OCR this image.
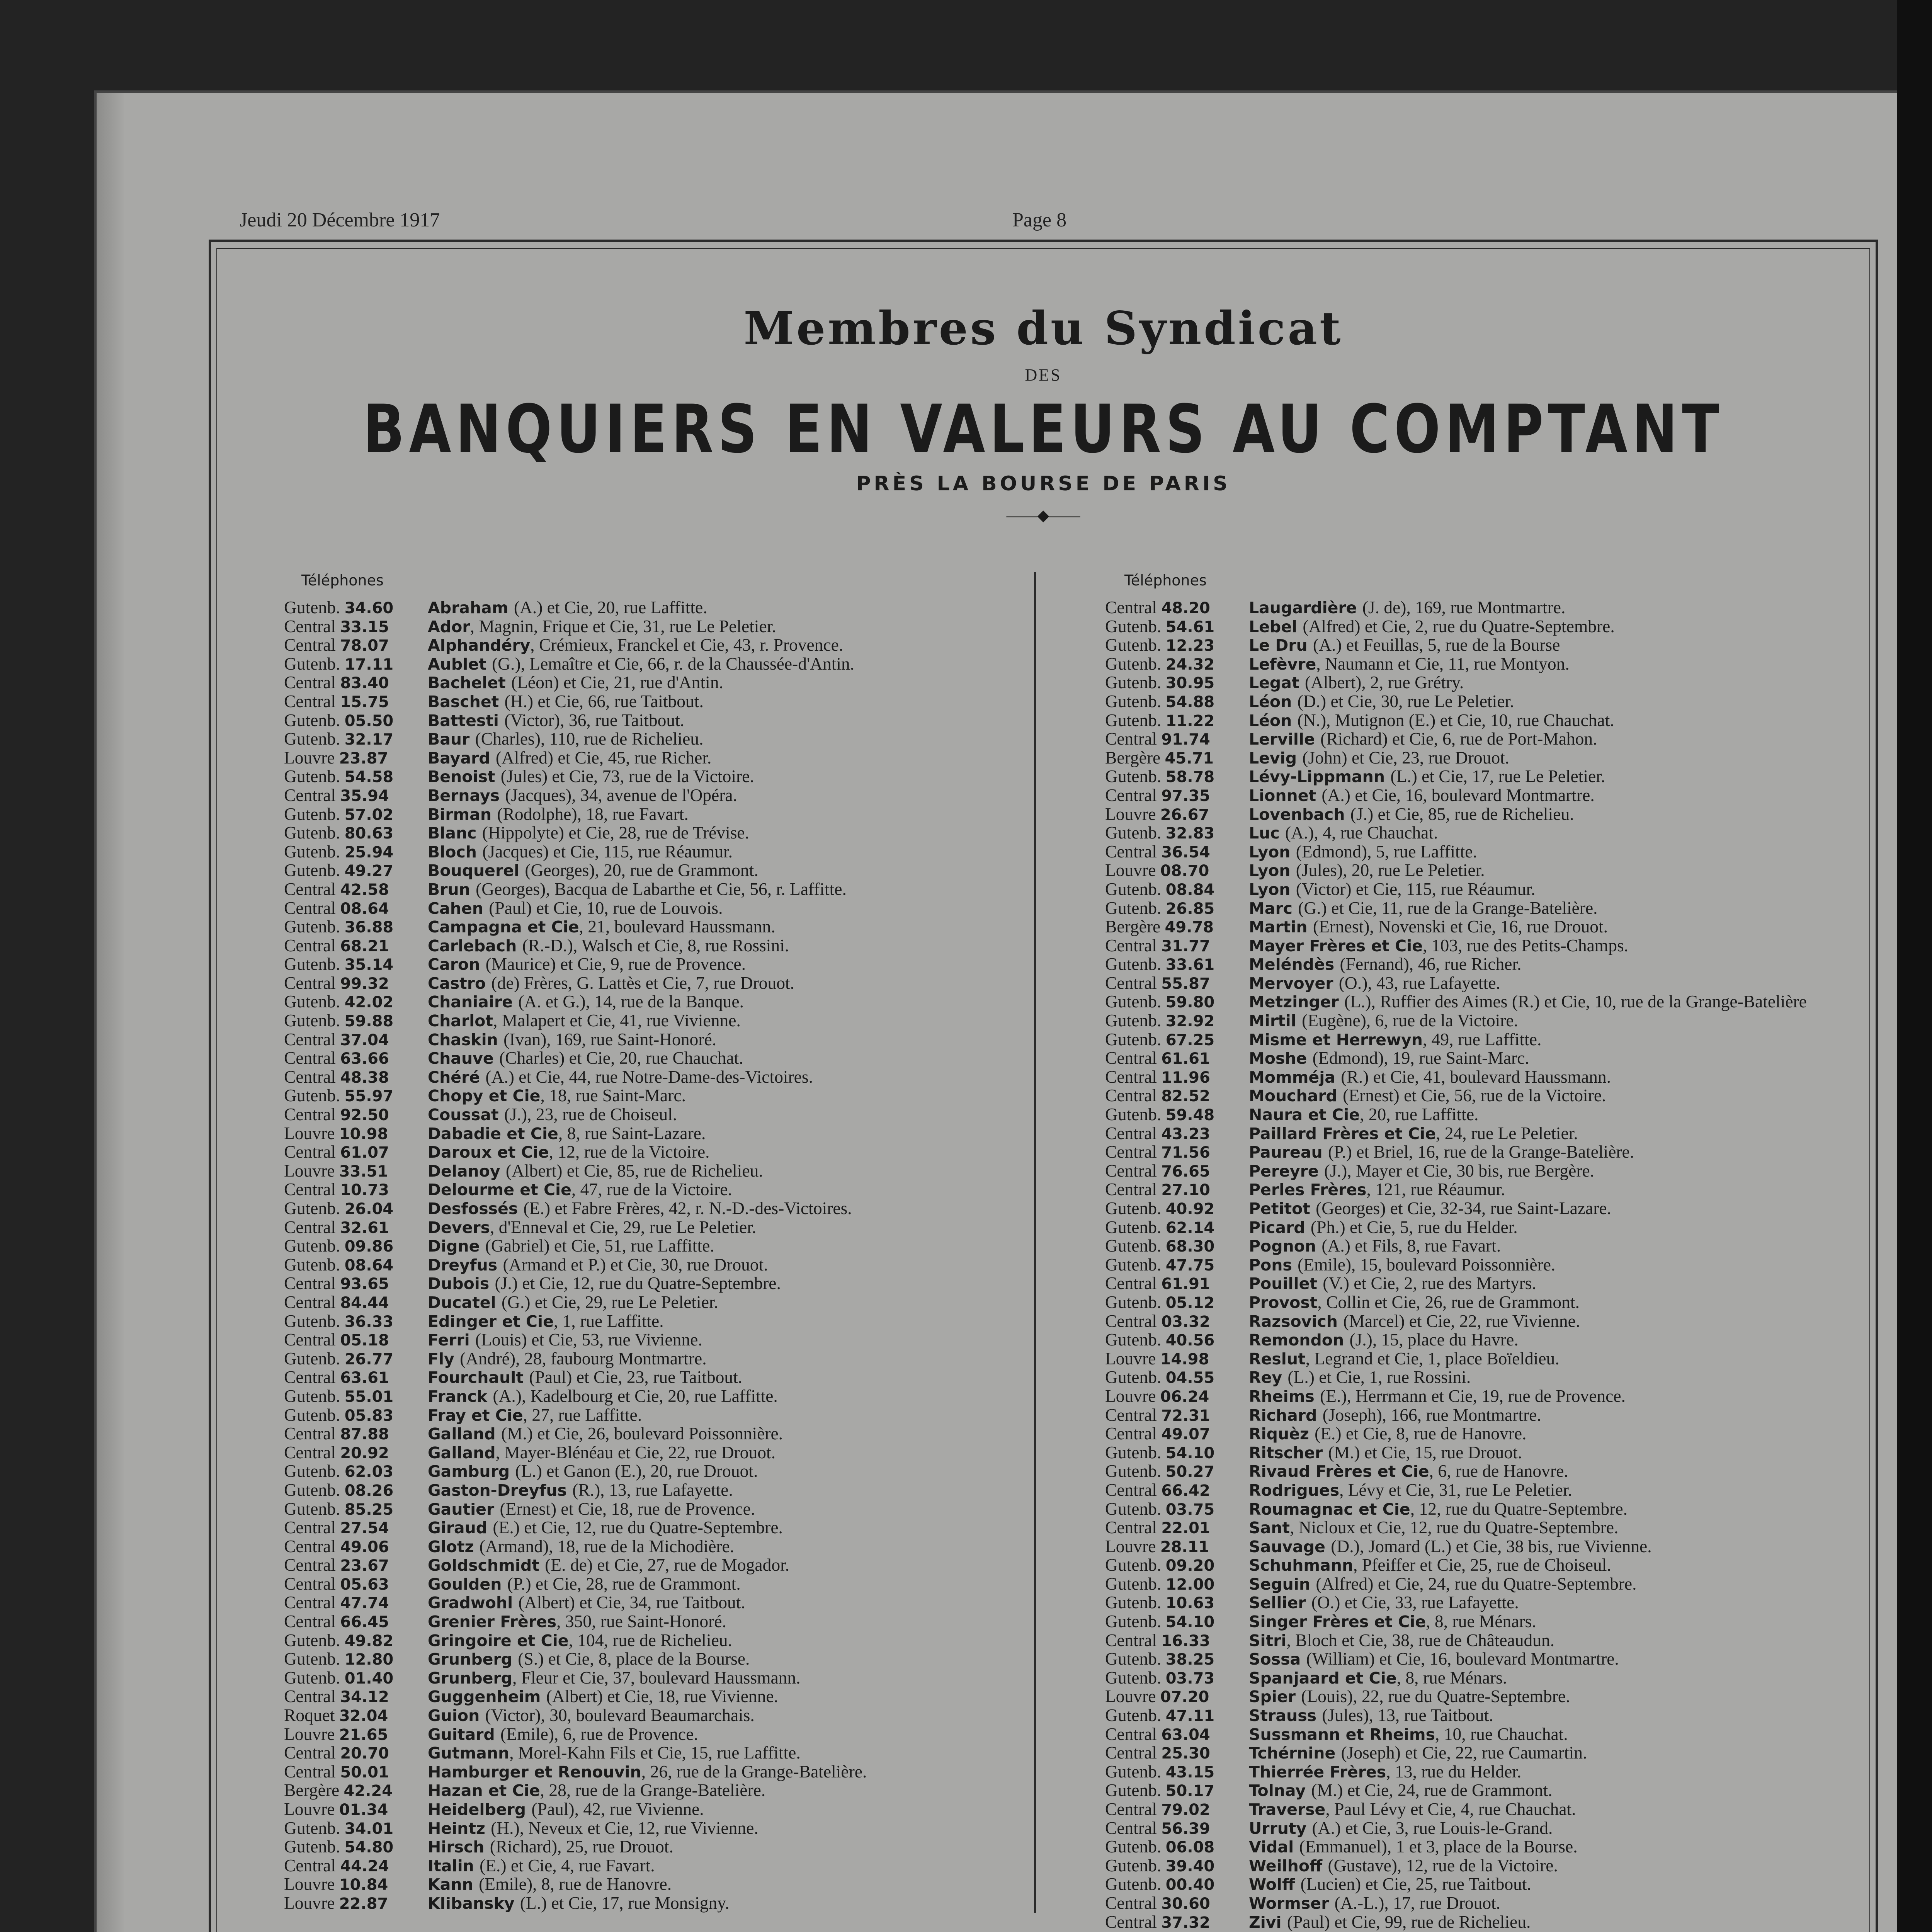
Jeudi 20 Décembre 1917	Page 8
Membres du Syndicat
DES
BANQUIERS EN VALEURS AU COMPTANT
PRÈS LA BOURSE DE PARIS
——◆——
Téléphones	Téléphones
Gutenb. 34.60 Abraham (A.) et Cie, 20, rue Laffitte.
Central 33.15 Ador, Magnin, Frique et Cie, 31, rue Le Peletier.
Central 78.07 Alphandéry, Crémieux, Franckel et Cie, 43, r. Provence.
Gutenb. 17.11 Aublet (G.), Lemaître et Cie, 66, r. de la Chaussée-d'Antin.
Central 83.40 Bachelet (Léon) et Cie, 21, rue d'Antin.
Central 15.75 Baschet (H.) et Cie, 66, rue Taitbout.
Gutenb. 05.50 Battesti (Victor), 36, rue Taitbout.
Gutenb. 32.17 Baur (Charles), 110, rue de Richelieu.
Louvre 23.87	Bayard (Alfred) et Cie, 45, rue Richer.
Gutenb. 54.58 Benoist (Jules) et Cie, 73, rue de la Victoire.
Central 35.94 Bernays (Jacques), 34, avenue de l'Opéra.
Gutenb. 57.02 Birman (Rodolphe), 18, rue Favart.
Gutenb. 80.63 Blanc (Hippolyte) et Cie, 28, rue de Trévise.
Gutenb. 25.94 Bloch (Jacques) et Cie, 115, rue Réaumur.
Gutenb. 49.27 Bouquerel (Georges), 20, rue de Grammont.
Central 42.58 Brun (Georges), Bacqua de Labarthe et Cie, 56, r. Laffitte.
Central 08.64 Cahen (Paul) et Cie, 10, rue de Louvois.
Gutenb. 36.88 Campagna et Cie, 21, boulevard Haussmann.
Central 68.21 Carlebach (R.-D.), Walsch et Cie, 8, rue Rossini.
Gutenb. 35.14 Caron (Maurice) et Cie, 9, rue de Provence.
Central 99.32 Castro (de) Frères, G. Lattès et Cie, 7, rue Drouot.
Gutenb. 42.02 Chaniaire (A. et G.), 14, rue de la Banque.
Gutenb. 59.88 Charlot, Malapert et Cie, 41, rue Vivienne.
Central 37.04 Chaskin (Ivan), 169, rue Saint-Honoré.
Central 63.66 Chauve (Charles) et Cie, 20, rue Chauchat.
Central 48.38 Chéré (A.) et Cie, 44, rue Notre-Dame-des-Victoires.
Gutenb. 55.97 Chopy et Cie, 18, rue Saint-Marc.
Central 92.50 Coussat (J.), 23, rue de Choiseul.
Louvre 10.98	Dabadie et Cie, 8, rue Saint-Lazare.
Central 61.07 Daroux et Cie, 12, rue de la Victoire.
Louvre 33.51	Delanoy (Albert) et Cie, 85, rue de Richelieu.
Central 10.73 Delourme et Cie, 47, rue de la Victoire.
Gutenb. 26.04 Desfossés (E.) et Fabre Frères, 42, r. N.-D.-des-Victoires.
Central 32.61 Devers, d'Enneval et Cie, 29, rue Le Peletier.
Gutenb. 09.86 Digne (Gabriel) et Cie, 51, rue Laffitte.
Gutenb. 08.64 Dreyfus (Armand et P.) et Cie, 30, rue Drouot.
Central 93.65 Dubois (J.) et Cie, 12, rue du Quatre-Septembre.
Central 84.44 Ducatel (G.) et Cie, 29, rue Le Peletier.
Gutenb. 36.33 Edinger et Cie, 1, rue Laffitte.
Central 05.18 Ferri (Louis) et Cie, 53, rue Vivienne.
Gutenb. 26.77 Fly (André), 28, faubourg Montmartre.
Central 63.61 Fourchault (Paul) et Cie, 23, rue Taitbout.
Gutenb. 55.01 Franck (A.), Kadelbourg et Cie, 20, rue Laffitte.
Gutenb. 05.83 Fray et Cie, 27, rue Laffitte.
Central 87.88 Galland (M.) et Cie, 26, boulevard Poissonnière.
Central 20.92 Galland, Mayer-Blénéau et Cie, 22, rue Drouot.
Gutenb. 62.03 Gamburg (L.) et Ganon (E.), 20, rue Drouot.
Gutenb. 08.26 Gaston-Dreyfus (R.), 13, rue Lafayette.
Gutenb. 85.25 Gautier (Ernest) et Cie, 18, rue de Provence.
Central 27.54 Giraud (E.) et Cie, 12, rue du Quatre-Septembre.
Central 49.06 Glotz (Armand), 18, rue de la Michodière.
Central 23.67 Goldschmidt (E. de) et Cie, 27, rue de Mogador.
Central 05.63 Goulden (P.) et Cie, 28, rue de Grammont.
Central 47.74 Gradwohl (Albert) et Cie, 34, rue Taitbout.
Central 66.45 Grenier Frères, 350, rue Saint-Honoré.
Gutenb. 49.82 Gringoire et Cie, 104, rue de Richelieu.
Gutenb. 12.80 Grunberg (S.) et Cie, 8, place de la Bourse.
Gutenb. 01.40 Grunberg, Fleur et Cie, 37, boulevard Haussmann.
Central 34.12 Guggenheim (Albert) et Cie, 18, rue Vivienne.
Roquet 32.04	Guion (Victor), 30, boulevard Beaumarchais.
Louvre 21.65	Guitard (Emile), 6, rue de Provence.
Central 20.70 Gutmann, Morel-Kahn Fils et Cie, 15, rue Laffitte.
Central 50.01 Hamburger et Renouvin, 26, rue de la Grange-Batelière.
Bergère 42.24 Hazan et Cie, 28, rue de la Grange-Batelière.
Louvre 01.34	Heidelberg (Paul), 42, rue Vivienne.
Gutenb. 34.01 Heintz (H.), Neveux et Cie, 12, rue Vivienne.
Gutenb. 54.80 Hirsch (Richard), 25, rue Drouot.
Central 44.24 Italin (E.) et Cie, 4, rue Favart.
Louvre 10.84	Kann (Emile), 8, rue de Hanovre.
Louvre 22.87	Klibansky (L.) et Cie, 17, rue Monsigny.
Central 48.20 Laugardière (J. de), 169, rue Montmartre.
Gutenb. 54.61 Lebel (Alfred) et Cie, 2, rue du Quatre-Septembre.
Gutenb. 12.23 Le Dru (A.) et Feuillas, 5, rue de la Bourse
Gutenb. 24.32 Lefèvre, Naumann et Cie, 11, rue Montyon.
Gutenb. 30.95 Legat (Albert), 2, rue Grétry.
Gutenb. 54.88 Léon (D.) et Cie, 30, rue Le Peletier.
Gutenb. 11.22 Léon (N.), Mutignon (E.) et Cie, 10, rue Chauchat.
Central 91.74 Lerville (Richard) et Cie, 6, rue de Port-Mahon.
Bergère 45.71 Levig (John) et Cie, 23, rue Drouot.
Gutenb. 58.78 Lévy-Lippmann (L.) et Cie, 17, rue Le Peletier.
Central 97.35 Lionnet (A.) et Cie, 16, boulevard Montmartre.
Louvre 26.67	Lovenbach (J.) et Cie, 85, rue de Richelieu.
Gutenb. 32.83 Luc (A.), 4, rue Chauchat.
Central 36.54 Lyon (Edmond), 5, rue Laffitte.
Louvre 08.70	Lyon (Jules), 20, rue Le Peletier.
Gutenb. 08.84 Lyon (Victor) et Cie, 115, rue Réaumur.
Gutenb. 26.85 Marc (G.) et Cie, 11, rue de la Grange-Batelière.
Bergère 49.78 Martin (Ernest), Novenski et Cie, 16, rue Drouot.
Central 31.77 Mayer Frères et Cie, 103, rue des Petits-Champs.
Gutenb. 33.61 Meléndès (Fernand), 46, rue Richer.
Central 55.87 Mervoyer (O.), 43, rue Lafayette.
Gutenb. 59.80 Metzinger (L.), Ruffier des Aimes (R.) et Cie, 10, rue de la Grange-Batelière
Gutenb. 32.92 Mirtil (Eugène), 6, rue de la Victoire.
Gutenb. 67.25 Misme et Herrewyn, 49, rue Laffitte.
Central 61.61 Moshe (Edmond), 19, rue Saint-Marc.
Central 11.96 Momméja (R.) et Cie, 41, boulevard Haussmann.
Central 82.52 Mouchard (Ernest) et Cie, 56, rue de la Victoire.
Gutenb. 59.48 Naura et Cie, 20, rue Laffitte.
Central 43.23 Paillard Frères et Cie, 24, rue Le Peletier.
Central 71.56 Paureau (P.) et Briel, 16, rue de la Grange-Batelière.
Central 76.65 Pereyre (J.), Mayer et Cie, 30 bis, rue Bergère.
Central 27.10 Perles Frères, 121, rue Réaumur.
Gutenb. 40.92 Petitot (Georges) et Cie, 32-34, rue Saint-Lazare.
Gutenb. 62.14 Picard (Ph.) et Cie, 5, rue du Helder.
Gutenb. 68.30 Pognon (A.) et Fils, 8, rue Favart.
Gutenb. 47.75 Pons (Emile), 15, boulevard Poissonnière.
Central 61.91 Pouillet (V.) et Cie, 2, rue des Martyrs.
Gutenb. 05.12 Provost, Collin et Cie, 26, rue de Grammont.
Central 03.32 Razsovich (Marcel) et Cie, 22, rue Vivienne.
Gutenb. 40.56 Remondon (J.), 15, place du Havre.
Louvre 14.98	Reslut, Legrand et Cie, 1, place Boïeldieu.
Gutenb. 04.55 Rey (L.) et Cie, 1, rue Rossini.
Louvre 06.24	Rheims (E.), Herrmann et Cie, 19, rue de Provence.
Central 72.31 Richard (Joseph), 166, rue Montmartre.
Central 49.07 Riquèz (E.) et Cie, 8, rue de Hanovre.
Gutenb. 54.10 Ritscher (M.) et Cie, 15, rue Drouot.
Gutenb. 50.27 Rivaud Frères et Cie, 6, rue de Hanovre.
Central 66.42 Rodrigues, Lévy et Cie, 31, rue Le Peletier.
Gutenb. 03.75 Roumagnac et Cie, 12, rue du Quatre-Septembre.
Central 22.01 Sant, Nicloux et Cie, 12, rue du Quatre-Septembre.
Louvre 28.11	Sauvage (D.), Jomard (L.) et Cie, 38 bis, rue Vivienne.
Gutenb. 09.20 Schuhmann, Pfeiffer et Cie, 25, rue de Choiseul.
Gutenb. 12.00 Seguin (Alfred) et Cie, 24, rue du Quatre-Septembre.
Gutenb. 10.63 Sellier (O.) et Cie, 33, rue Lafayette.
Gutenb. 54.10 Singer Frères et Cie, 8, rue Ménars.
Central 16.33 Sitri, Bloch et Cie, 38, rue de Châteaudun.
Gutenb. 38.25 Sossa (William) et Cie, 16, boulevard Montmartre.
Gutenb. 03.73 Spanjaard et Cie, 8, rue Ménars.
Louvre 07.20	Spier (Louis), 22, rue du Quatre-Septembre.
Gutenb. 47.11 Strauss (Jules), 13, rue Taitbout.
Central 63.04 Sussmann et Rheims, 10, rue Chauchat.
Central 25.30 Tchérnine (Joseph) et Cie, 22, rue Caumartin.
Gutenb. 43.15 Thierrée Frères, 13, rue du Helder.
Gutenb. 50.17 Tolnay (M.) et Cie, 24, rue de Grammont.
Central 79.02 Traverse, Paul Lévy et Cie, 4, rue Chauchat.
Central 56.39 Urruty (A.) et Cie, 3, rue Louis-le-Grand.
Gutenb. 06.08 Vidal (Emmanuel), 1 et 3, place de la Bourse.
Gutenb. 39.40 Weilhoff (Gustave), 12, rue de la Victoire.
Gutenb. 00.40 Wolff (Lucien) et Cie, 25, rue Taitbout.
Central 30.60 Wormser (A.-L.), 17, rue Drouot.
Central 37.32 Zivi (Paul) et Cie, 99, rue de Richelieu.
